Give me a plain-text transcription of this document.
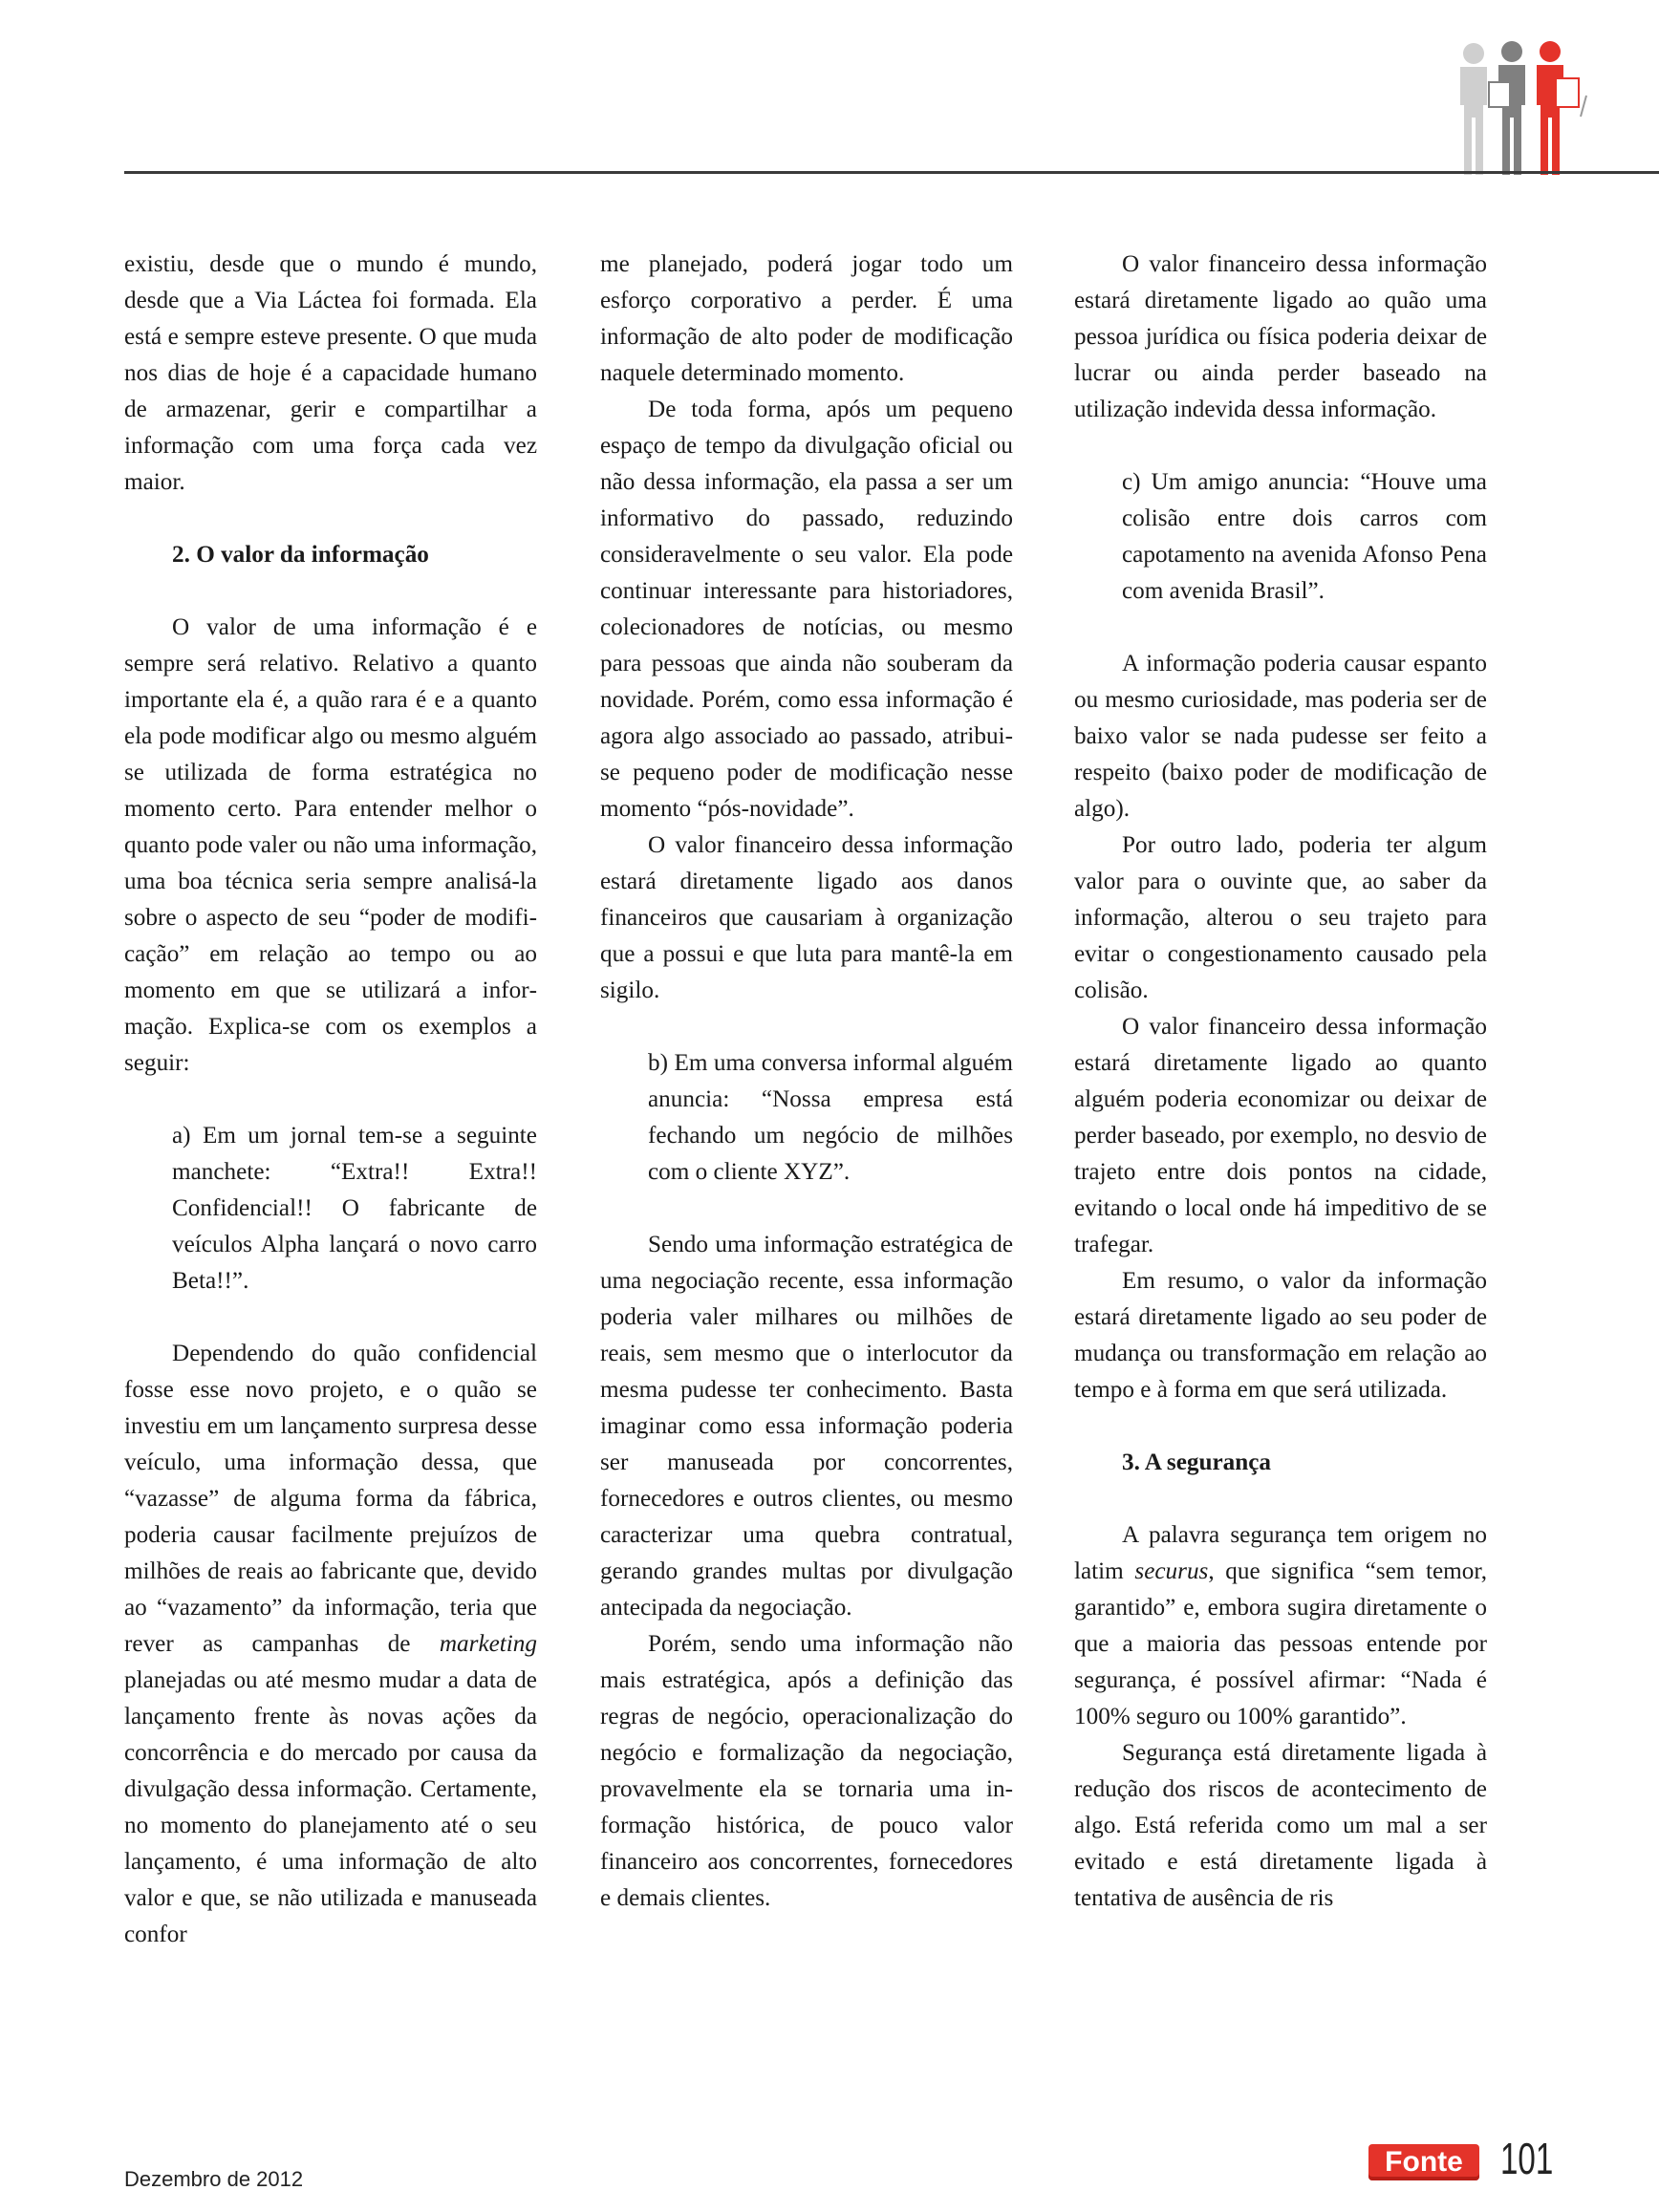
existiu, desde que o mundo é mundo, desde que a Via Láctea foi formada. Ela está e sempre esteve presente. O que muda nos dias de hoje é a capacidade humano de armazenar, gerir e compartilhar a informação com uma força cada vez maior.

2. O valor da informação

O valor de uma informação é e sempre será relativo. Relativo a quanto importante ela é, a quão rara é e a quanto ela pode modificar algo ou mesmo alguém se utilizada de forma estratégica no momento certo. Para entender melhor o quanto pode valer ou não uma informação, uma boa técnica seria sempre analisá-la sobre o aspecto de seu “poder de modificação” em relação ao tempo ou ao momento em que se utilizará a informação. Explica-se com os exemplos a seguir:

a) Em um jornal tem-se a seguinte manchete: “Extra!! Extra!! Confidencial!! O fabricante de veículos Alpha lançará o novo carro Beta!!”.

Dependendo do quão confidencial fosse esse novo projeto, e o quão se investiu em um lançamento surpresa desse veículo, uma informação dessa, que “vazasse” de alguma forma da fábrica, poderia causar facilmente prejuízos de milhões de reais ao fabricante que, devido ao “vazamento” da informação, teria que rever as campanhas de marketing planejadas ou até mesmo mudar a data de lançamento frente às novas ações da concorrência e do mercado por causa da divulgação dessa informação. Certamente, no momento do planejamento até o seu lançamento, é uma informação de alto valor e que, se não utilizada e manuseada confor

me planejado, poderá jogar todo um esforço corporativo a perder. É uma informação de alto poder de modificação naquele determinado momento.

De toda forma, após um pequeno espaço de tempo da divulgação oficial ou não dessa informação, ela passa a ser um informativo do passado, reduzindo consideravelmente o seu valor. Ela pode continuar interessante para historiadores, colecionadores de notícias, ou mesmo para pessoas que ainda não souberam da novidade. Porém, como essa informação é agora algo associado ao passado, atribui-se pequeno poder de modificação nesse momento “pós-novidade”.

O valor financeiro dessa informação estará diretamente ligado aos danos financeiros que causariam à organização que a possui e que luta para mantê-la em sigilo.

b) Em uma conversa informal alguém anuncia: “Nossa empresa está fechando um negócio de milhões com o cliente XYZ”.

Sendo uma informação estratégica de uma negociação recente, essa informação poderia valer milhares ou milhões de reais, sem mesmo que o interlocutor da mesma pudesse ter conhecimento. Basta imaginar como essa informação poderia ser manuseada por concorrentes, fornecedores e outros clientes, ou mesmo caracterizar uma quebra contratual, gerando grandes multas por divulgação antecipada da negociação.

Porém, sendo uma informação não mais estratégica, após a definição das regras de negócio, operacionalização do negócio e formalização da negociação, provavelmente ela se tornaria uma informação histórica, de pouco valor financeiro aos concorrentes, fornecedores e demais clientes.

O valor financeiro dessa informação estará diretamente ligado ao quão uma pessoa jurídica ou física poderia deixar de lucrar ou ainda perder baseado na utilização indevida dessa informação.

c) Um amigo anuncia: “Houve uma colisão entre dois carros com capotamento na avenida Afonso Pena com avenida Brasil”.

A informação poderia causar espanto ou mesmo curiosidade, mas poderia ser de baixo valor se nada pudesse ser feito a respeito (baixo poder de modificação de algo).

Por outro lado, poderia ter algum valor para o ouvinte que, ao saber da informação, alterou o seu trajeto para evitar o congestionamento causado pela colisão.

O valor financeiro dessa informação estará diretamente ligado ao quanto alguém poderia economizar ou deixar de perder baseado, por exemplo, no desvio de trajeto entre dois pontos na cidade, evitando o local onde há impeditivo de se trafegar.

Em resumo, o valor da informação estará diretamente ligado ao seu poder de mudança ou transformação em relação ao tempo e à forma em que será utilizada.

3. A segurança

A palavra segurança tem origem no latim securus, que significa “sem temor, garantido” e, embora sugira diretamente o que a maioria das pessoas entende por segurança, é possível afirmar: “Nada é 100% seguro ou 100% garantido”.

Segurança está diretamente ligada à redução dos riscos de acontecimento de algo. Está referida como um mal a ser evitado e está diretamente ligada à tentativa de ausência de ris

Dezembro de 2012
Fonte 101
